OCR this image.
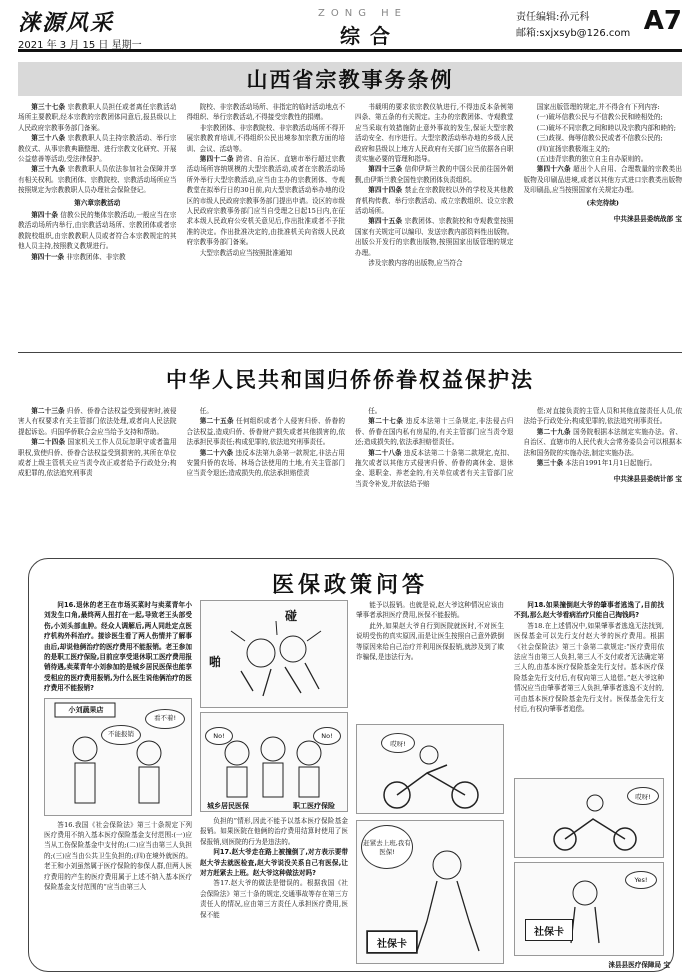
涞源风采
2021 年 3 月 15 日 星期一
ZONG HE
综合
责任编辑:孙元科
邮箱:sxjxsyb@126.com A7
山西省宗教事务条例

第三十七条 宗教教职人员担任或者离任宗教活动场所主要教职,经本宗教的宗教团体同意后,报县级以上人民政府宗教事务部门备案。

第三十八条 宗教教职人员主持宗教活动、举行宗教仪式、从事宗教典籍整理、进行宗教文化研究、开展公益慈善等活动,受法律保护。

第三十九条 宗教教职人员依法参加社会保障并享有相关权利。宗教团体、宗教院校、宗教活动场所应当按照规定为宗教教职人员办理社会保险登记。

第六章宗教活动

第四十条 信教公民的集体宗教活动,一般应当在宗教活动场所内举行,由宗教活动场所、宗教团体或者宗教院校组织,由宗教教职人员或者符合本宗教规定的其他人员主持,按照教义教规进行。

第四十一条 非宗教团体、非宗教

院校、非宗教活动场所、非指定的临时活动地点不得组织、举行宗教活动,不得接受宗教性的捐赠。

非宗教团体、非宗教院校、非宗教活动场所不得开展宗教教育培训,不得组织公民出境参加宗教方面的培训、会议、活动等。

第四十二条 跨省、自治区、直辖市举行超过宗教活动场所容纳规模的大型宗教活动,或者在宗教活动场所外举行大型宗教活动,应当由主办的宗教团体、寺观教堂在拟举行日的30日前,向大型宗教活动举办地的设区的市级人民政府宗教事务部门提出申请。设区的市级人民政府宗教事务部门应当自受理之日起15日内,在征求本级人民政府公安机关意见后,作出批准或者不予批准的决定。作出批准决定的,由批准机关向省级人民政府宗教事务部门备案。

大型宗教活动应当按照批准通知

书载明的要求依宗教仪轨进行,不得违反本条例第四条、第五条的有关规定。主办的宗教团体、寺观教堂应当采取有效措施防止意外事故的发生,保证大型宗教活动安全、有序进行。大型宗教活动举办地的乡级人民政府和县级以上地方人民政府有关部门应当依据各自职责实施必要的管理和指导。

第四十三条 信仰伊斯兰教的中国公民前往国外朝觐,由伊斯兰教全国性宗教团体负责组织。

第四十四条 禁止在宗教院校以外的学校及其他教育机构传教、举行宗教活动、成立宗教组织、设立宗教活动场所。

第四十五条 宗教团体、宗教院校和寺观教堂按照国家有关规定可以编印、发送宗教内部资料性出版物。出版公开发行的宗教出版物,按照国家出版管理的规定办理。

涉及宗教内容的出版物,应当符合

国家出版管理的规定,并不得含有下列内容:

(一)破坏信教公民与不信教公民和睦相处的;

(二)破坏不同宗教之间和睦以及宗教内部和睦的;

(三)歧视、侮辱信教公民或者不信教公民的;

(四)宣扬宗教极端主义的;

(五)违背宗教的独立自主自办原则的。

第四十六条 超出个人自用、合理数量的宗教类出版物及印刷品进境,或者以其他方式进口宗教类出版物及印刷品,应当按照国家有关规定办理。

(未完待续)

中共涞县县委统战部 宝

中华人民共和国归侨侨眷权益保护法

第二十三条 归侨、侨眷合法权益受到侵害时,被侵害人有权要求有关主管部门依法处理,或者向人民法院提起诉讼。归国华侨联合会应当给予支持和帮助。

第二十四条 国家机关工作人员玩忽职守或者滥用职权,致使归侨、侨眷合法权益受到损害的,其所在单位或者上级主管机关应当责令改正或者给予行政处分;构成犯罪的,依法追究刑事责

任。

第二十五条 任何组织或者个人侵害归侨、侨眷的合法权益,造成归侨、侨眷财产损失或者其他损害的,依法承担民事责任;构成犯罪的,依法追究刑事责任。

第二十六条 违反本法第九条第一款规定,非法占用安置归侨的农场、林场合法使用的土地,有关主管部门应当责令退还;造成损失的,依法承担赔偿责

任。

第二十七条 违反本法第十三条规定,非法侵占归侨、侨眷在国内私有房屋的,有关主管部门应当责令退还;造成损失的,依法承担赔偿责任。

第二十八条 违反本法第二十条第二款规定,克扣、拖欠或者以其他方式侵害归侨、侨眷的离休金、退休金、退职金、养老金的,有关单位或者有关主管部门应当责令补发,并依法给予赔

偿;对直接负责的主管人员和其他直接责任人员,依法给予行政处分;构成犯罪的,依法追究刑事责任。

第二十九条 国务院根据本法制定实施办法。省、自治区、直辖市的人民代表大会常务委员会可以根据本法和国务院的实施办法,制定实施办法。

第三十条 本法自1991年1月1日起施行。

中共涞县县委统计部 宝

医保政策问答

问16.退休的老王在市场买菜时与卖菜青年小刘发生口角,最终两人扭打在一起,导致老王头部受伤,小刘头部血肿。经众人调解后,两人同赴定点医疗机构外科治疗。接诊医生看了两人伤情并了解事由后,却说他俩治疗的医疗费用不能报销。老王参加的是职工医疗保险,目前应享受退休职工医疗费用报销待遇,卖菜青年小刘参加的是城乡居民医保也能享受相应的医疗费用报销,为什么医生说他俩治疗的医疗费用不能报销?

小刘蔬果店
不能报销
看不着!

答16.我国《社会保险法》第三十条规定下列医疗费用不纳入基本医疗保险基金支付范围:(一)应当从工伤保险基金中支付的;(二)应当由第三人负担的;(三)应当由公共卫生负担的;(四)在境外就医的。老王和小刘虽然属于医疗保险的参保人群,但两人医疗费用的产生的医疗费用属于上述不纳入基本医疗保险基金支付范围的“应当由第三人

碰
啪
No!
No!
城乡居民医保	职工医疗保险

负担的”情形,因此不能予以基本医疗保险基金报销。如果医院在他俩的治疗费用结算时使用了医保报销,则医院的行为是违法的。

问17.赵大爷走在路上被撞倒了,对方表示要带赵大爷去就医检查,赵大爷说没关系自己有医保,让对方赶紧去上班。赵大爷这种做法对吗?

答17.赵大爷的做法是错误的。根据我国《社会保险法》第三十条的规定,交通事故等存在第三方责任人的情况,应由第三方责任人承担医疗费用,医保不能

能予以报销。也就是说,赵大爷这种情况应该由肇事者承担医疗费用,医保不能报销。

此外,如果赵大爷自行到医院就医时,不对医生说明受伤的真实原因,而是让医生按照自己意外跌倒等原因来给自己治疗并利用医保报销,就涉及到了欺诈骗保,是违法行为。

哎呀!
赶紧去上班,我有医保!
社保卡

问18.如果撞倒赵大爷的肇事者逃逸了,目前找不到,那么赵大爷看病治疗只能自己掏钱吗?

答18.在上述情况中,如果肇事者逃逸无法找到,医保基金可以先行支付赵大爷的医疗费用。根据《社会保险法》第三十条第二款规定:“医疗费用依法应当由第三人负担,第三人不支付或者无法确定第三人的,由基本医疗保险基金先行支付。基本医疗保险基金先行支付后,有权向第三人追偿。”赵大爷这种情况应当由肇事者第三人负担,肇事者逃逸不支付的,可由基本医疗保险基金先行支付。医保基金先行支付后,有权向肇事者追偿。

哎呀!
Yes!
社保卡
涞县县医疗保障局 宝
